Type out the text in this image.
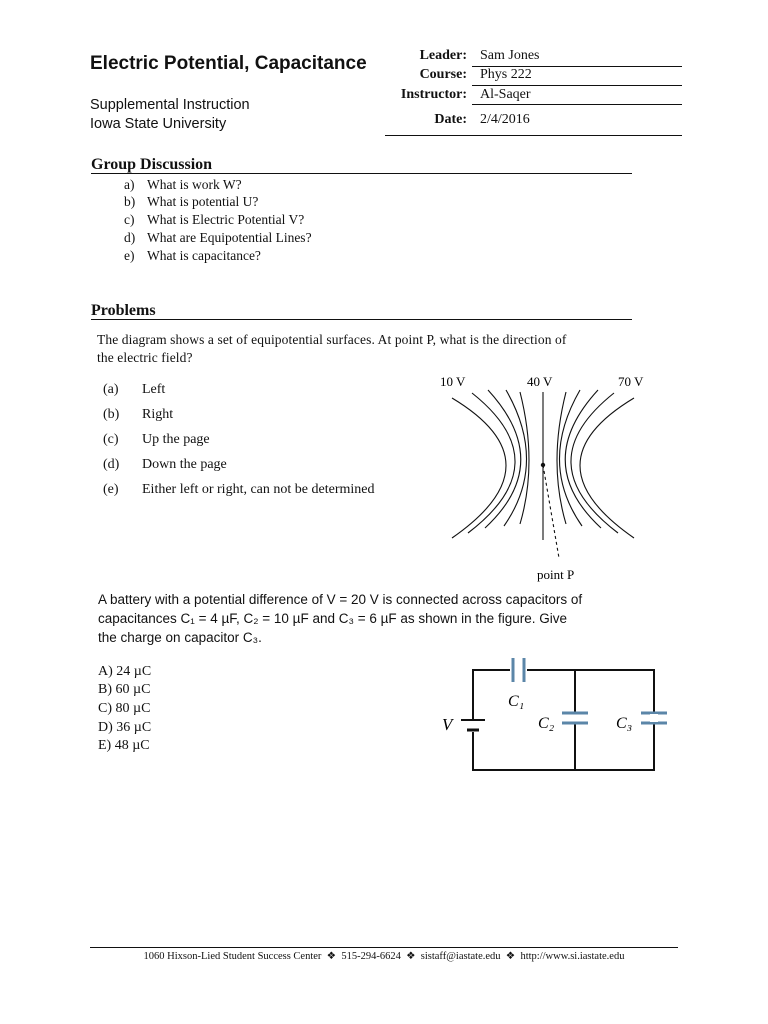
Electric Potential, Capacitance
Supplemental Instruction
Iowa State University
Leader: Sam Jones
Course: Phys 222
Instructor: Al-Saqer
Date: 2/4/2016
Group Discussion
a) What is work W?
b) What is potential U?
c) What is Electric Potential V?
d) What are Equipotential Lines?
e) What is capacitance?
Problems
The diagram shows a set of equipotential surfaces. At point P, what is the direction of
the electric field?
(a) Left
(b) Right
(c) Up the page
(d) Down the page
(e) Either left or right, can not be determined
10 V	40 V	70 V
point P
A battery with a potential difference of V = 20 V is connected across capacitors of
capacitances C₁ = 4 µF, C₂ = 10 µF and C₃ = 6 µF as shown in the figure. Give
the charge on capacitor C₃.
A) 24 µC
B) 60 µC
C) 80 µC
D) 36 µC
E) 48 µC
V
C₁
C₂	C₃
1060 Hixson-Lied Student Success Center ❖ 515-294-6624 ❖ sistaff@iastate.edu ❖ http://www.si.iastate.edu
